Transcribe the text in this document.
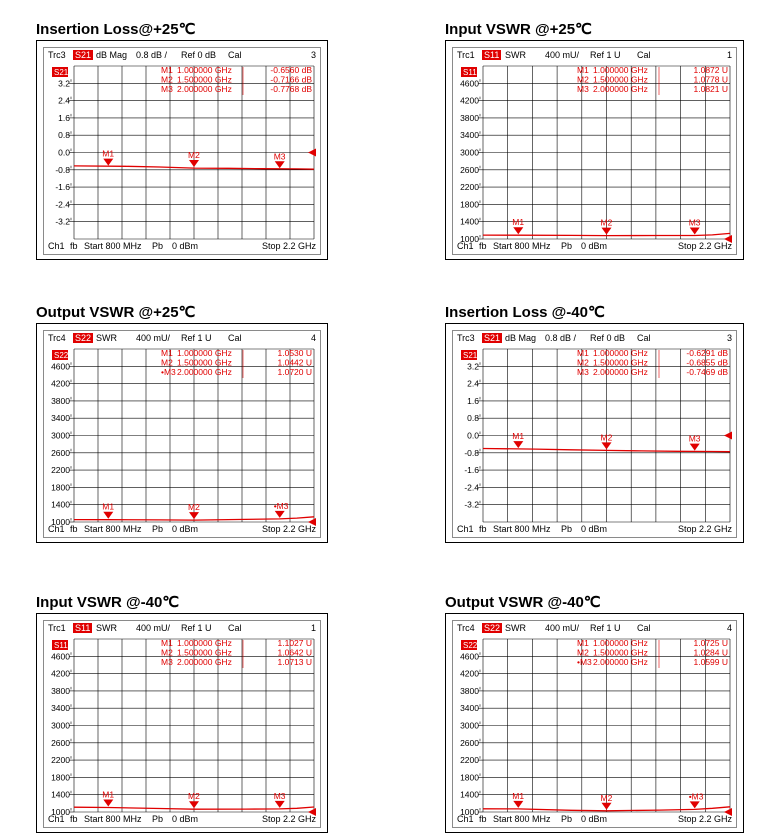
Insertion Loss@+25℃
Trc3 S21 dB Mag 0.8 dB / Ref 0 dB Cal	3
Ch1 fb Start 800 MHz Pb 0 dBm	Stop 2.2 GHz
3.2
2.4
1.6
0.8
0.0
-0.8
-1.6
-2.4
-3.2
S21
M1
M1 1.000000 GHz	-0.6560 dB
M2
M2 1.500000 GHz	-0.7166 dB
M3
M3 2.000000 GHz	-0.7768 dB
Input VSWR @+25℃
Trc1 S11 SWR 400 mU/ Ref 1 U Cal	1
Ch1 fb Start 800 MHz Pb 0 dBm	Stop 2.2 GHz
4600
4200
3800
3400
3000
2600
2200
1800
1400
1000
S11
M1
M1 1.000000 GHz	1.0872 U
M2
M2 1.500000 GHz	1.0778 U
M3
M3 2.000000 GHz	1.0821 U
Output VSWR @+25℃
Trc4 S22 SWR 400 mU/ Ref 1 U Cal	4
Ch1 fb Start 800 MHz Pb 0 dBm	Stop 2.2 GHz
4600
4200
3800
3400
3000
2600
2200
1800
1400
1000
S22
M1
M1 1.000000 GHz	1.0530 U
M2
M2 1.500000 GHz	1.0442 U
•M3
•M3 2.000000 GHz	1.0720 U
Insertion Loss @-40℃
Trc3 S21 dB Mag 0.8 dB / Ref 0 dB Cal	3
Ch1 fb Start 800 MHz Pb 0 dBm	Stop 2.2 GHz
3.2
2.4
1.6
0.8
0.0
-0.8
-1.6
-2.4
-3.2
S21
M1
M1 1.000000 GHz	-0.6291 dB
M2
M2 1.500000 GHz	-0.6855 dB
M3
M3 2.000000 GHz	-0.7469 dB
Input VSWR @-40℃
Trc1 S11 SWR 400 mU/ Ref 1 U Cal	1
Ch1 fb Start 800 MHz Pb 0 dBm	Stop 2.2 GHz
4600
4200
3800
3400
3000
2600
2200
1800
1400
1000
S11
M1
M1 1.000000 GHz	1.1027 U
M2
M2 1.500000 GHz	1.0642 U
M3
M3 2.000000 GHz	1.0713 U
Output VSWR @-40℃
Trc4 S22 SWR 400 mU/ Ref 1 U Cal	4
Ch1 fb Start 800 MHz Pb 0 dBm	Stop 2.2 GHz
4600
4200
3800
3400
3000
2600
2200
1800
1400
1000
S22
M1
M1 1.000000 GHz	1.0725 U
M2
M2 1.500000 GHz	1.0284 U
•M3
•M3 2.000000 GHz	1.0599 U
